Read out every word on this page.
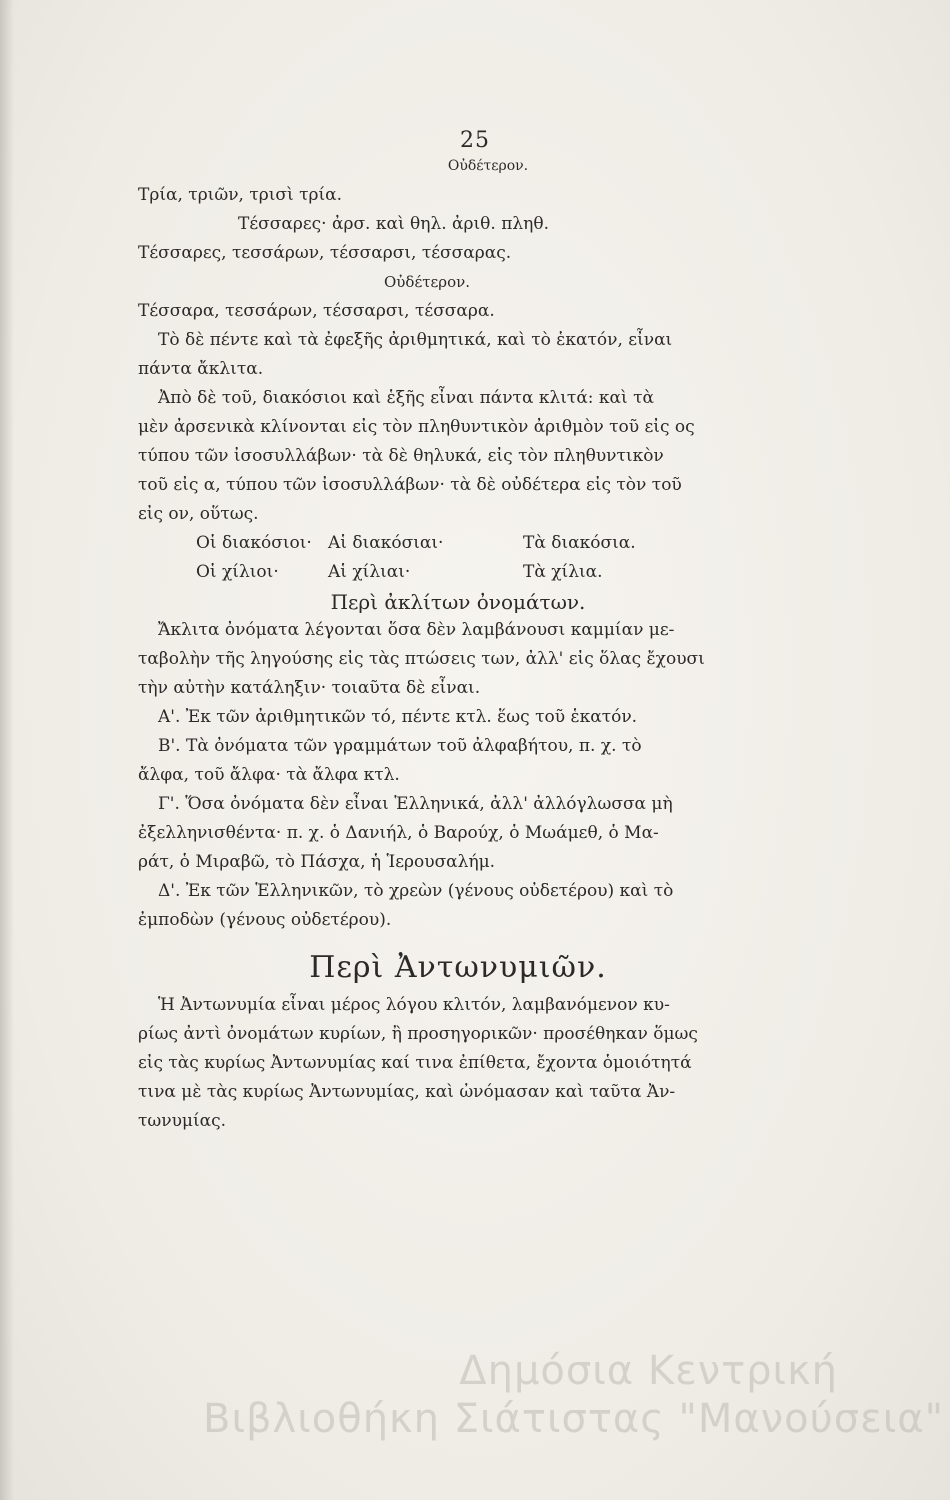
25
Οὐδέτερον.
Τρία, τριῶν, τρισὶ τρία.
Τέσσαρες· ἀρσ. καὶ θηλ. ἀριθ. πληθ.
Τέσσαρες, τεσσάρων, τέσσαρσι, τέσσαρας.
Οὐδέτερον.
Τέσσαρα, τεσσάρων, τέσσαρσι, τέσσαρα.
Τὸ δὲ πέντε καὶ τὰ ἐφεξῆς ἀριθμητικά, καὶ τὸ ἑκατόν, εἶναι
πάντα ἄκλιτα.
Ἀπὸ δὲ τοῦ, διακόσιοι καὶ ἑξῆς εἶναι πάντα κλιτά: καὶ τὰ
μὲν ἀρσενικὰ κλίνονται εἰς τὸν πληθυντικὸν ἀριθμὸν τοῦ εἰς ος
τύπου τῶν ἰσοσυλλάβων· τὰ δὲ θηλυκά, εἰς τὸν πληθυντικὸν
τοῦ εἰς α, τύπου τῶν ἰσοσυλλάβων· τὰ δὲ οὐδέτερα εἰς τὸν τοῦ
εἰς ον, οὕτως.
Οἱ διακόσιοι· Αἱ διακόσιαι·	Τὰ διακόσια.
Οἱ χίλιοι·	Αἱ χίλιαι·	Τὰ χίλια.
Περὶ ἀκλίτων ὀνομάτων.
Ἄκλιτα ὀνόματα λέγονται ὅσα δὲν λαμβάνουσι καμμίαν με-
ταβολὴν τῆς ληγούσης εἰς τὰς πτώσεις των, ἀλλ' εἰς ὅλας ἔχουσι
τὴν αὐτὴν κατάληξιν· τοιαῦτα δὲ εἶναι.
Α'. Ἐκ τῶν ἀριθμητικῶν τό, πέντε κτλ. ἕως τοῦ ἑκατόν.
Β'. Τὰ ὀνόματα τῶν γραμμάτων τοῦ ἀλφαβήτου, π. χ. τὸ
ἄλφα, τοῦ ἄλφα· τὰ ἄλφα κτλ.
Γ'. Ὅσα ὀνόματα δὲν εἶναι Ἑλληνικά, ἀλλ' ἀλλόγλωσσα μὴ
ἐξελληνισθέντα· π. χ. ὁ Δανιήλ, ὁ Βαρούχ, ὁ Μωάμεθ, ὁ Μα-
ράτ, ὁ Μιραβῶ, τὸ Πάσχα, ἡ Ἱερουσαλήμ.
Δ'. Ἐκ τῶν Ἑλληνικῶν, τὸ χρεὼν (γένους οὐδετέρου) καὶ τὸ
ἐμποδὼν (γένους οὐδετέρου).
Περὶ Ἀντωνυμιῶν.
Ἡ Ἀντωνυμία εἶναι μέρος λόγου κλιτόν, λαμβανόμενον κυ-
ρίως ἀντὶ ὀνομάτων κυρίων, ἢ προσηγορικῶν· προσέθηκαν ὅμως
εἰς τὰς κυρίως Ἀντωνυμίας καί τινα ἐπίθετα, ἔχοντα ὁμοιότητά
τινα μὲ τὰς κυρίως Ἀντωνυμίας, καὶ ὠνόμασαν καὶ ταῦτα Ἀν-
τωνυμίας.
Δημόσια Κεντρική
Βιβλιοθήκη Σιάτιστας "Μανούσεια"
